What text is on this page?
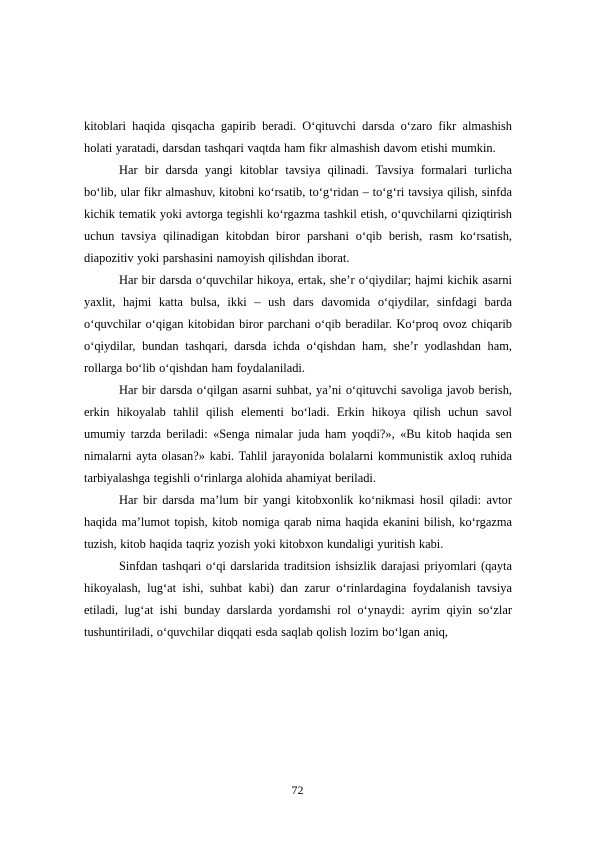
kitoblari haqida qisqacha gapirib beradi. O‘qituvchi darsda o‘zaro fikr almashish holati yaratadi, darsdan tashqari vaqtda ham fikr almashish davom etishi mumkin.

Har bir darsda yangi kitoblar tavsiya qilinadi. Tavsiya formalari turlicha bo‘lib, ular fikr almashuv, kitobni ko‘rsatib, to‘g‘ridan – to‘g‘ri tavsiya qilish, sinfda kichik tematik yoki avtorga tegishli ko‘rgazma tashkil etish, o‘quvchilarni qiziqtirish uchun tavsiya qilinadigan kitobdan biror parshani o‘qib berish, rasm ko‘rsatish, diapozitiv yoki parshasini namoyish qilishdan iborat.

Har bir darsda o‘quvchilar hikoya, ertak, she’r o‘qiydilar; hajmi kichik asarni yaxlit, hajmi katta bulsa, ikki – ush dars davomida o‘qiydilar, sinfdagi barda o‘quvchilar o‘qigan kitobidan biror parchani o‘qib beradilar. Ko‘proq ovoz chiqarib o‘qiydilar, bundan tashqari, darsda ichda o‘qishdan ham, she’r yodlashdan ham, rollarga bo‘lib o‘qishdan ham foydalaniladi.

Har bir darsda o‘qilgan asarni suhbat, ya’ni o‘qituvchi savoliga javob berish, erkin hikoyalab tahlil qilish elementi bo‘ladi. Erkin hikoya qilish uchun savol umumiy tarzda beriladi: «Senga nimalar juda ham yoqdi?», «Bu kitob haqida sen nimalarni ayta olasan?» kabi. Tahlil jarayonida bolalarni kommunistik axloq ruhida tarbiyalashga tegishli o‘rinlarga alohida ahamiyat beriladi.

Har bir darsda ma’lum bir yangi kitobxonlik ko‘nikmasi hosil qiladi: avtor haqida ma’lumot topish, kitob nomiga qarab nima haqida ekanini bilish, ko‘rgazma tuzish, kitob haqida taqriz yozish yoki kitobxon kundaligi yuritish kabi.

Sinfdan tashqari o‘qi darslarida traditsion ishsizlik darajasi priyomlari (qayta hikoyalash, lug‘at ishi, suhbat kabi) dan zarur o‘rinlardagina foydalanish tavsiya etiladi, lug‘at ishi bunday darslarda yordamshi rol o‘ynaydi: ayrim qiyin so‘zlar tushuntiriladi, o‘quvchilar diqqati esda saqlab qolish lozim bo‘lgan aniq,

72
